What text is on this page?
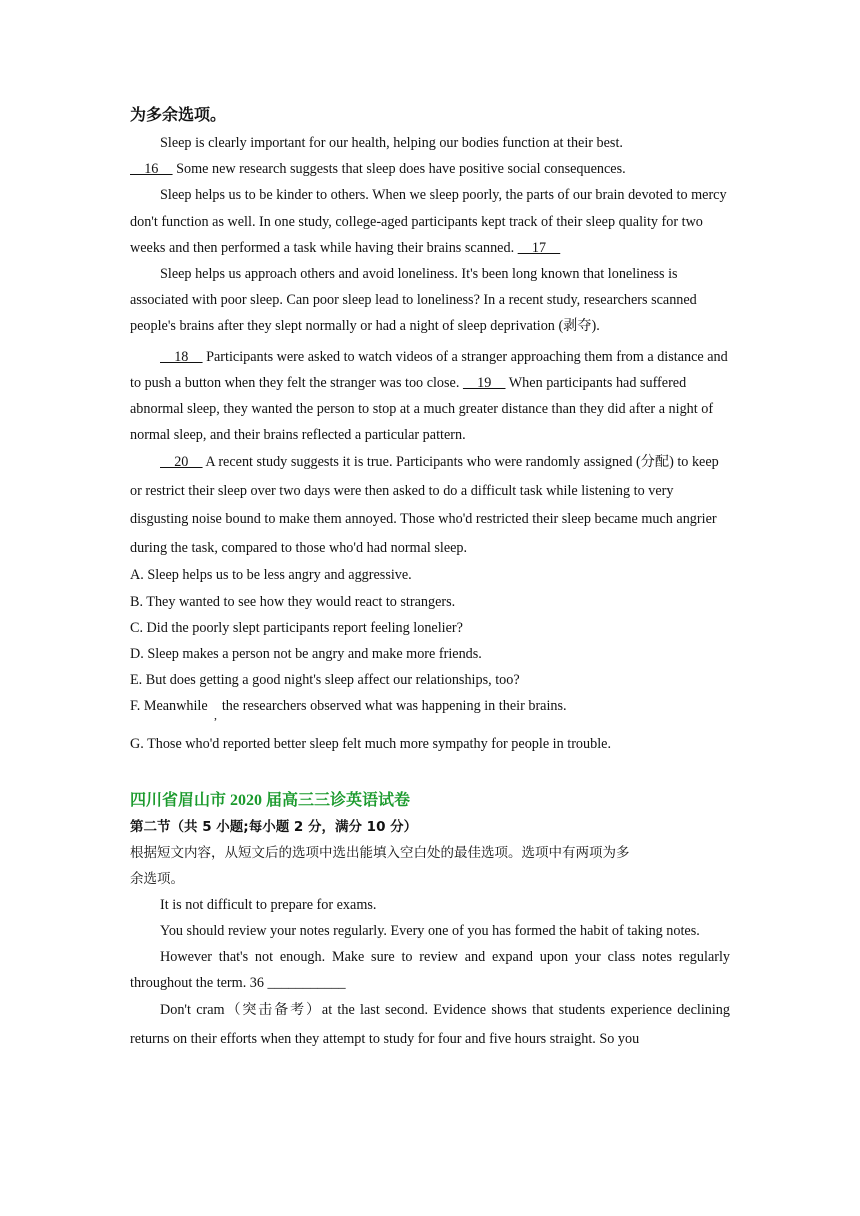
为多余选项。

Sleep is clearly important for our health, helping our bodies function at their best.

16     Some new research suggests that sleep does have positive social consequences.

Sleep helps us to be kinder to others. When we sleep poorly, the parts of our brain devoted to mercy don't function as well. In one study, college-aged participants kept track of their sleep quality for two weeks and then performed a task while having their brains scanned.     17

Sleep helps us approach others and avoid loneliness. It's been long known that loneliness is associated with poor sleep. Can poor sleep lead to loneliness? In a recent study, researchers scanned people's brains after they slept normally or had a night of sleep deprivation (剥夺).

18     Participants were asked to watch videos of a stranger approaching them from a distance and to push a button when they felt the stranger was too close.     19     When participants had suffered abnormal sleep, they wanted the person to stop at a much greater distance than they did after a night of normal sleep, and their brains reflected a particular pattern.

20     A recent study suggests it is true. Participants who were randomly assigned (分配) to keep or restrict their sleep over two days were then asked to do a difficult task while listening to very disgusting noise bound to make them annoyed. Those who'd restricted their sleep became much angrier during the task, compared to those who'd had normal sleep.

A. Sleep helps us to be less angry and aggressive.

B. They wanted to see how they would react to strangers.

C. Did the poorly slept participants report feeling lonelier?

D. Sleep makes a person not be angry and make more friends.

E. But does getting a good night's sleep affect our relationships, too?

F. Meanwhile
,
the researchers observed what was happening in their brains.

G. Those who'd reported better sleep felt much more sympathy for people in trouble.

四川省眉山市 2020 届高三三诊英语试卷
第二节（共 5 小题;每小题 2 分，满分 10 分）
根据短文内容，从短文后的选项中选出能填入空白处的最佳选项。选项中有两项为多
余选项。

It is not difficult to prepare for exams.

You should review your notes regularly. Every one of you has formed the habit of taking notes.

However that's not enough. Make sure to review and expand upon your class notes regularly throughout the term. 36 ___________

Don't cram（突击备考）at the last second. Evidence shows that students experience declining returns on their efforts when they attempt to study for four and five hours straight. So you
